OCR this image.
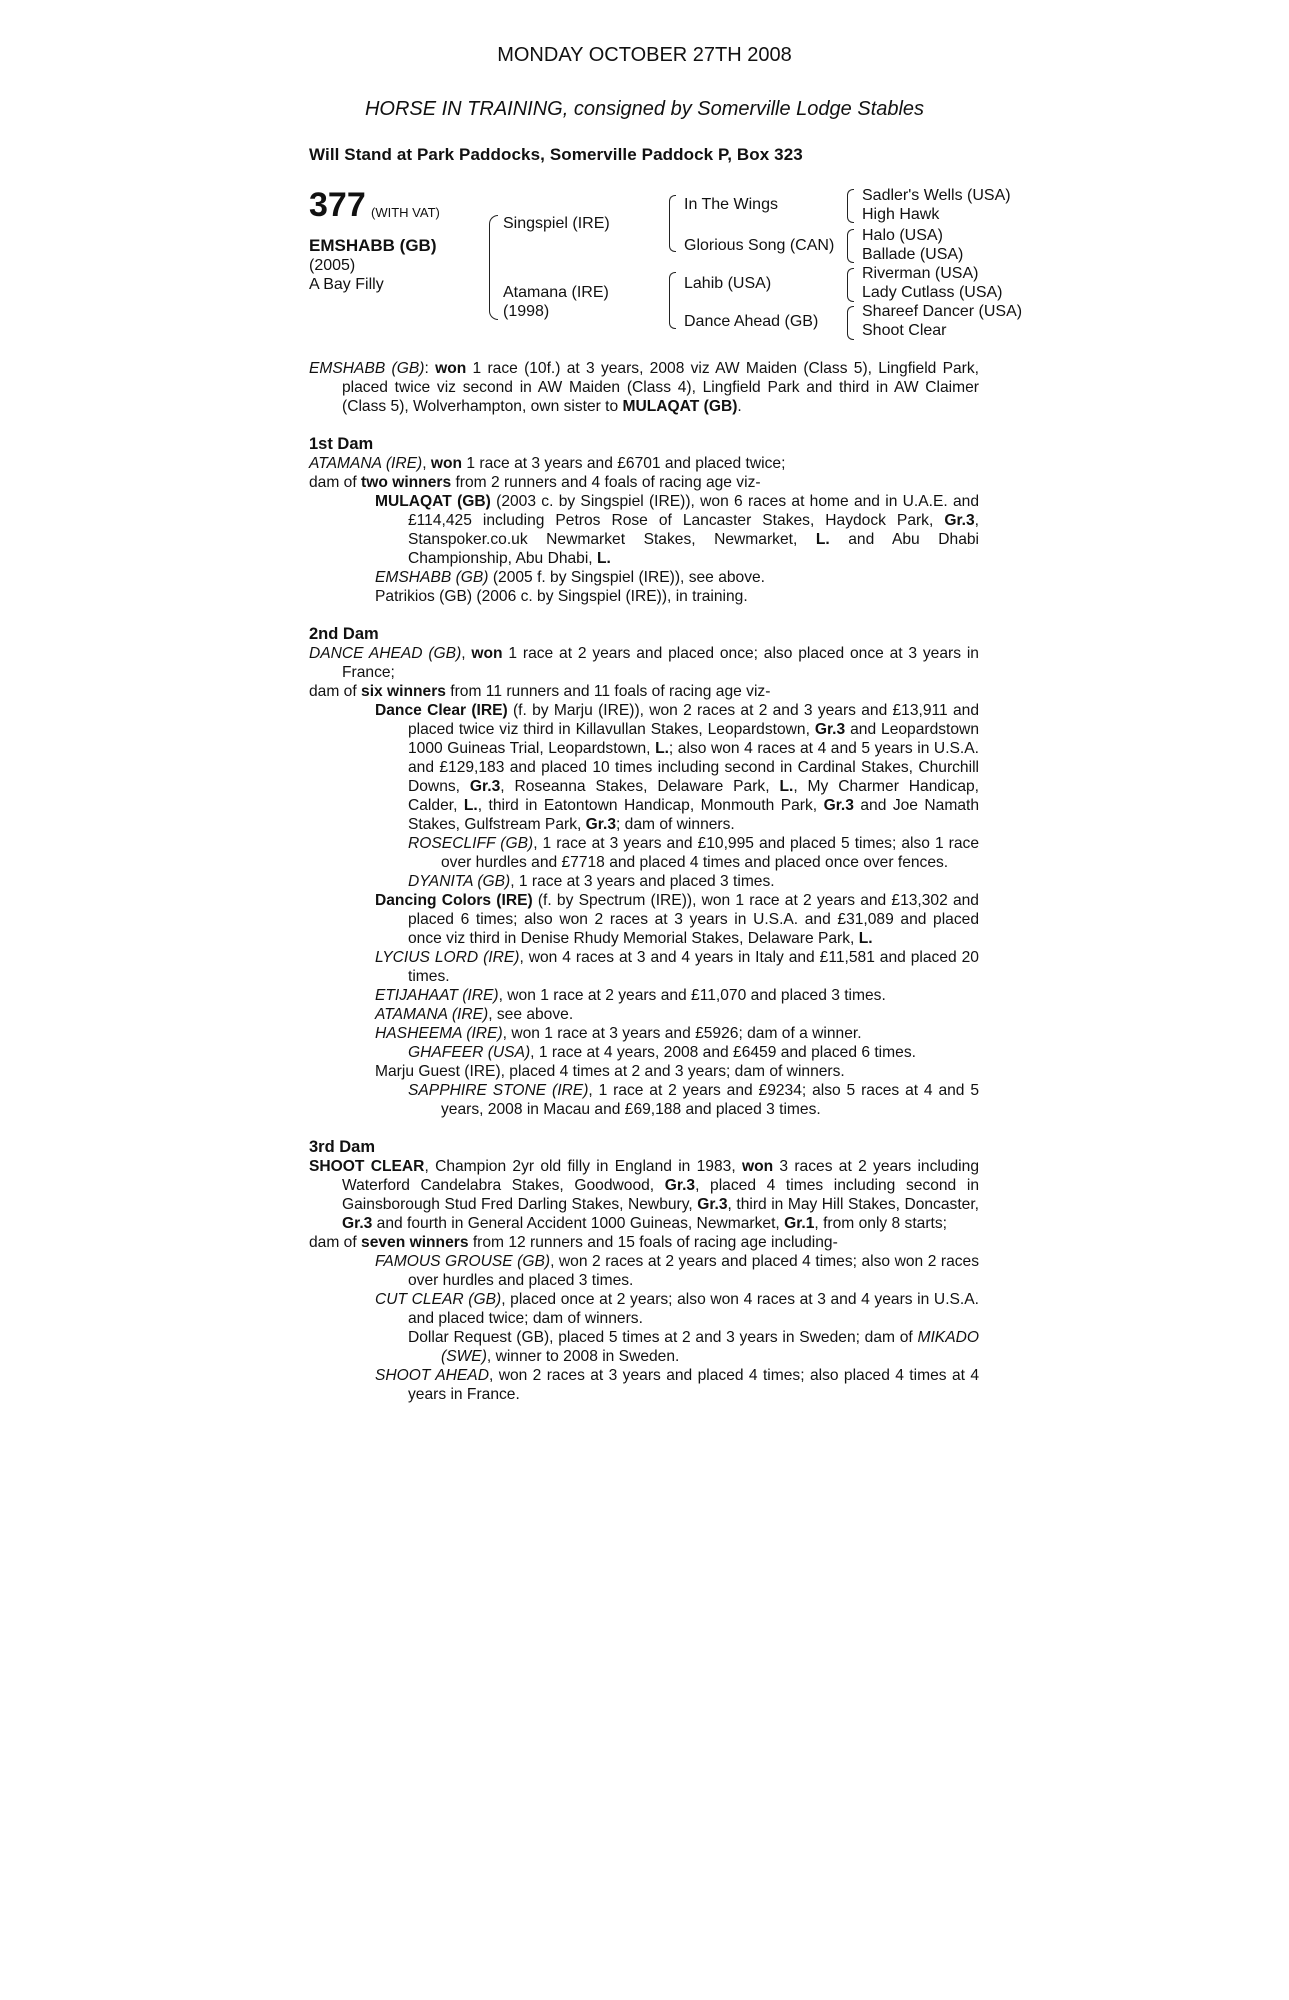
MONDAY OCTOBER 27TH 2008
HORSE IN TRAINING, consigned by Somerville Lodge Stables
Will Stand at Park Paddocks, Somerville Paddock P, Box 323
377 (WITH VAT)
EMSHABB (GB)
(2005)
A Bay Filly
Singspiel (IRE)
Atamana (IRE)
(1998)
In The Wings
Glorious Song (CAN)
Lahib (USA)
Dance Ahead (GB)
Sadler's Wells (USA)
High Hawk
Halo (USA)
Ballade (USA)
Riverman (USA)
Lady Cutlass (USA)
Shareef Dancer (USA)
Shoot Clear
EMSHABB (GB): won 1 race (10f.) at 3 years, 2008 viz AW Maiden (Class 5), Lingfield Park, placed twice viz second in AW Maiden (Class 4), Lingfield Park and third in AW Claimer (Class 5), Wolverhampton, own sister to MULAQAT (GB).
1st Dam
ATAMANA (IRE), won 1 race at 3 years and £6701 and placed twice;
dam of two winners from 2 runners and 4 foals of racing age viz-
MULAQAT (GB) (2003 c. by Singspiel (IRE)), won 6 races at home and in U.A.E. and £114,425 including Petros Rose of Lancaster Stakes, Haydock Park, Gr.3, Stanspoker.co.uk Newmarket Stakes, Newmarket, L. and Abu Dhabi Championship, Abu Dhabi, L.
EMSHABB (GB) (2005 f. by Singspiel (IRE)), see above.
Patrikios (GB) (2006 c. by Singspiel (IRE)), in training.
2nd Dam
DANCE AHEAD (GB), won 1 race at 2 years and placed once; also placed once at 3 years in France;
dam of six winners from 11 runners and 11 foals of racing age viz-
Dance Clear (IRE) (f. by Marju (IRE)), won 2 races at 2 and 3 years and £13,911 and placed twice viz third in Killavullan Stakes, Leopardstown, Gr.3 and Leopardstown 1000 Guineas Trial, Leopardstown, L.; also won 4 races at 4 and 5 years in U.S.A. and £129,183 and placed 10 times including second in Cardinal Stakes, Churchill Downs, Gr.3, Roseanna Stakes, Delaware Park, L., My Charmer Handicap, Calder, L., third in Eatontown Handicap, Monmouth Park, Gr.3 and Joe Namath Stakes, Gulfstream Park, Gr.3; dam of winners.
ROSECLIFF (GB), 1 race at 3 years and £10,995 and placed 5 times; also 1 race over hurdles and £7718 and placed 4 times and placed once over fences.
DYANITA (GB), 1 race at 3 years and placed 3 times.
Dancing Colors (IRE) (f. by Spectrum (IRE)), won 1 race at 2 years and £13,302 and placed 6 times; also won 2 races at 3 years in U.S.A. and £31,089 and placed once viz third in Denise Rhudy Memorial Stakes, Delaware Park, L.
LYCIUS LORD (IRE), won 4 races at 3 and 4 years in Italy and £11,581 and placed 20 times.
ETIJAHAAT (IRE), won 1 race at 2 years and £11,070 and placed 3 times.
ATAMANA (IRE), see above.
HASHEEMA (IRE), won 1 race at 3 years and £5926; dam of a winner.
GHAFEER (USA), 1 race at 4 years, 2008 and £6459 and placed 6 times.
Marju Guest (IRE), placed 4 times at 2 and 3 years; dam of winners.
SAPPHIRE STONE (IRE), 1 race at 2 years and £9234; also 5 races at 4 and 5 years, 2008 in Macau and £69,188 and placed 3 times.
3rd Dam
SHOOT CLEAR, Champion 2yr old filly in England in 1983, won 3 races at 2 years including Waterford Candelabra Stakes, Goodwood, Gr.3, placed 4 times including second in Gainsborough Stud Fred Darling Stakes, Newbury, Gr.3, third in May Hill Stakes, Doncaster, Gr.3 and fourth in General Accident 1000 Guineas, Newmarket, Gr.1, from only 8 starts;
dam of seven winners from 12 runners and 15 foals of racing age including-
FAMOUS GROUSE (GB), won 2 races at 2 years and placed 4 times; also won 2 races over hurdles and placed 3 times.
CUT CLEAR (GB), placed once at 2 years; also won 4 races at 3 and 4 years in U.S.A. and placed twice; dam of winners.
Dollar Request (GB), placed 5 times at 2 and 3 years in Sweden; dam of MIKADO (SWE), winner to 2008 in Sweden.
SHOOT AHEAD, won 2 races at 3 years and placed 4 times; also placed 4 times at 4 years in France.
